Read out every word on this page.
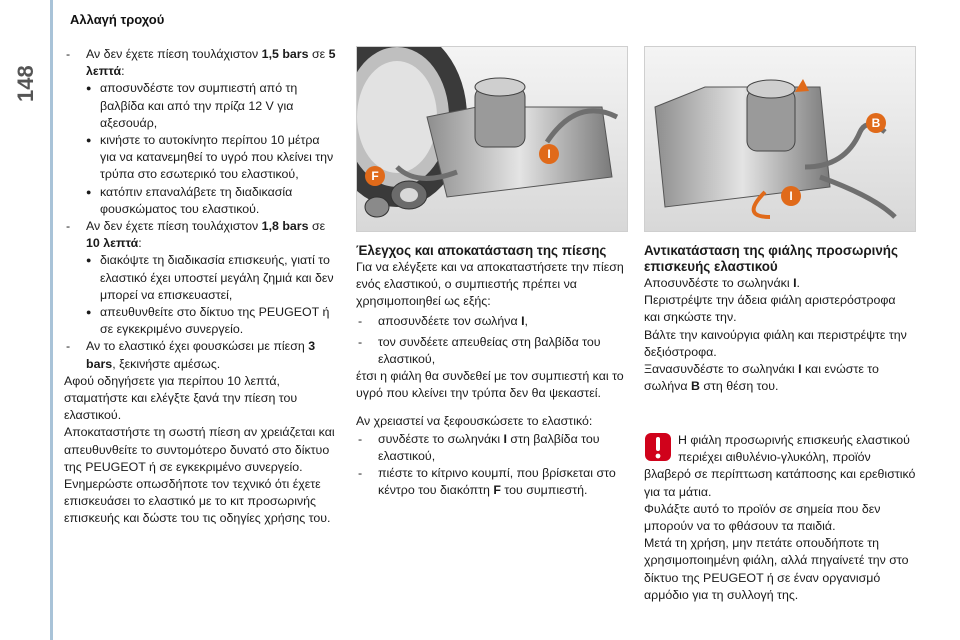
148
Αλλαγή τροχού

- Αν δεν έχετε πίεση τουλάχιστον 1,5 bars σε 5 λεπτά:

● αποσυνδέστε τον συμπιεστή από τη βαλβίδα και από την πρίζα 12 V για αξεσουάρ,

● κινήστε το αυτοκίνητο περίπου 10 μέτρα για να κατανεμηθεί το υγρό που κλείνει την τρύπα στο εσωτερικό του ελαστικού,

● κατόπιν επαναλάβετε τη διαδικασία φουσκώματος του ελαστικού.

- Αν δεν έχετε πίεση τουλάχιστον 1,8 bars σε 10 λεπτά:

● διακόψτε τη διαδικασία επισκευής, γιατί το ελαστικό έχει υποστεί μεγάλη ζημιά και δεν μπορεί να επισκευαστεί,

● απευθυνθείτε στο δίκτυο της PEUGEOT ή σε εγκεκριμένο συνεργείο.

- Αν το ελαστικό έχει φουσκώσει με πίεση 3 bars, ξεκινήστε αμέσως.

Αφού οδηγήσετε για περίπου 10 λεπτά, σταματήστε και ελέγξτε ξανά την πίεση του ελαστικού.

Αποκαταστήστε τη σωστή πίεση αν χρειάζεται και απευθυνθείτε το συντομότερο δυνατό στο δίκτυο της PEUGEOT ή σε εγκεκριμένο συνεργείο.

Ενημερώστε οπωσδήποτε τον τεχνικό ότι έχετε επισκευάσει το ελαστικό με το κιτ προσωρινής επισκευής και δώστε του τις οδηγίες χρήσης του.

I
F
B
I

Έλεγχος και αποκατάσταση της πίεσης

Για να ελέγξετε και να αποκαταστήσετε την πίεση ενός ελαστικού, ο συμπιεστής πρέπει να χρησιμοποιηθεί ως εξής:

- αποσυνδέετε τον σωλήνα I,

- τον συνδέετε απευθείας στη βαλβίδα του ελαστικού,

έτσι η φιάλη θα συνδεθεί με τον συμπιεστή και το υγρό που κλείνει την τρύπα δεν θα ψεκαστεί.

Αν χρειαστεί να ξεφουσκώσετε το ελαστικό:

- συνδέστε το σωληνάκι I στη βαλβίδα του ελαστικού,

- πιέστε το κίτρινο κουμπί, που βρίσκεται στο κέντρο του διακόπτη F του συμπιεστή.

Αντικατάσταση της φιάλης προσωρινής επισκευής ελαστικού

Αποσυνδέστε το σωληνάκι I.

Περιστρέψτε την άδεια φιάλη αριστερόστροφα και σηκώστε την.

Βάλτε την καινούργια φιάλη και περιστρέψτε την δεξιόστροφα.

Ξανασυνδέστε το σωληνάκι I και ενώστε το σωλήνα B στη θέση του.

Η φιάλη προσωρινής επισκευής ελαστικού περιέχει αιθυλένιο-γλυκόλη, προϊόν βλαβερό σε περίπτωση κατάποσης και ερεθιστικό για τα μάτια.

Φυλάξτε αυτό το προϊόν σε σημεία που δεν μπορούν να το φθάσουν τα παιδιά.

Μετά τη χρήση, μην πετάτε οπουδήποτε τη χρησιμοποιημένη φιάλη, αλλά πηγαίνετέ την στο δίκτυο της PEUGEOT ή σε έναν οργανισμό αρμόδιο για τη συλλογή της.
